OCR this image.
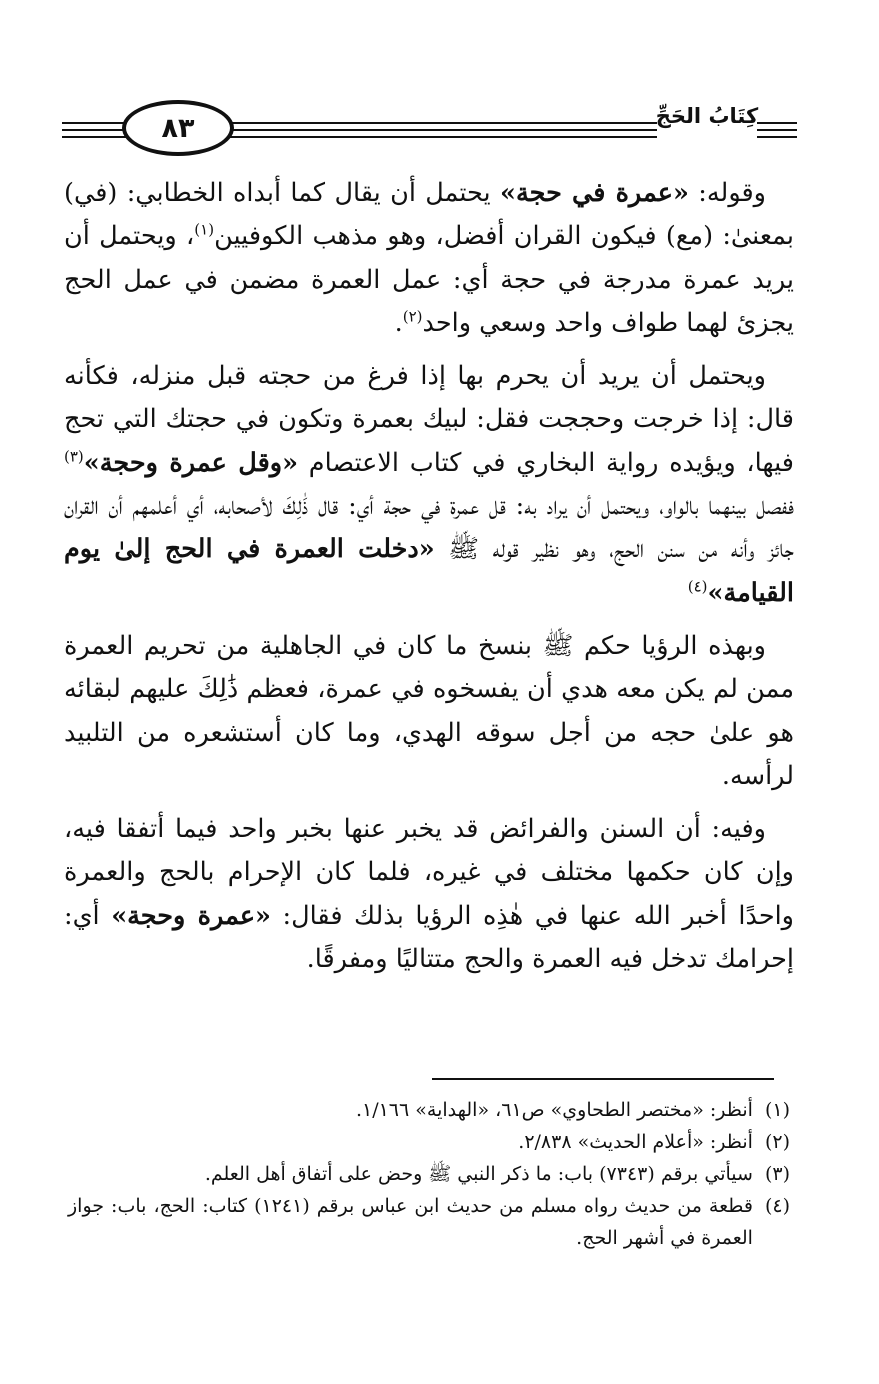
٨٣	كِتَابُ الحَجِّ

وقوله: «عمرة في حجة» يحتمل أن يقال كما أبداه الخطابي: (في) بمعنىٰ: (مع) فيكون القران أفضل، وهو مذهب الكوفيين$^{(١)}$، ويحتمل أن يريد عمرة مدرجة في حجة أي: عمل العمرة مضمن في عمل الحج يجزئ لهما طواف واحد وسعي واحد$^{(٢)}$.

ويحتمل أن يريد أن يحرم بها إذا فرغ من حجته قبل منزله، فكأنه قال: إذا خرجت وحججت فقل: لبيك بعمرة وتكون في حجتك التي تحج فيها، ويؤيده رواية البخاري في كتاب الاعتصام «وقل عمرة وحجة»$^{(٣)}$ ففصل بينهما بالواو، ويحتمل أن يراد به: قل عمرة في حجة أي: قال ذَٰلِكَ لأصحابه، أي أعلمهم أن القران جائز وأنه من سنن الحج، وهو نظير قوله ﷺ «دخلت العمرة في الحج إلىٰ يوم القيامة»$^{(٤)}$

وبهذه الرؤيا حكم ﷺ بنسخ ما كان في الجاهلية من تحريم العمرة ممن لم يكن معه هدي أن يفسخوه في عمرة، فعظم ذَٰلِكَ عليهم لبقائه هو علىٰ حجه من أجل سوقه الهدي، وما كان أستشعره من التلبيد لرأسه.

وفيه: أن السنن والفرائض قد يخبر عنها بخبر واحد فيما أتفقا فيه، وإن كان حكمها مختلف في غيره، فلما كان الإحرام بالحج والعمرة واحدًا أخبر الله عنها في هٰذِه الرؤيا بذلك فقال: «عمرة وحجة» أي: إحرامك تدخل فيه العمرة والحج متتاليًا ومفرقًا.

(١)
أنظر: «مختصر الطحاوي» ص٦١، «الهداية» ١/١٦٦.
(٢)
أنظر: «أعلام الحديث» ٢/٨٣٨.
(٣)
سيأتي برقم (٧٣٤٣) باب: ما ذكر النبي ﷺ وحض على أتفاق أهل العلم.
(٤)
قطعة من حديث رواه مسلم من حديث ابن عباس برقم (١٢٤١) كتاب: الحج، باب: جواز العمرة في أشهر الحج.
